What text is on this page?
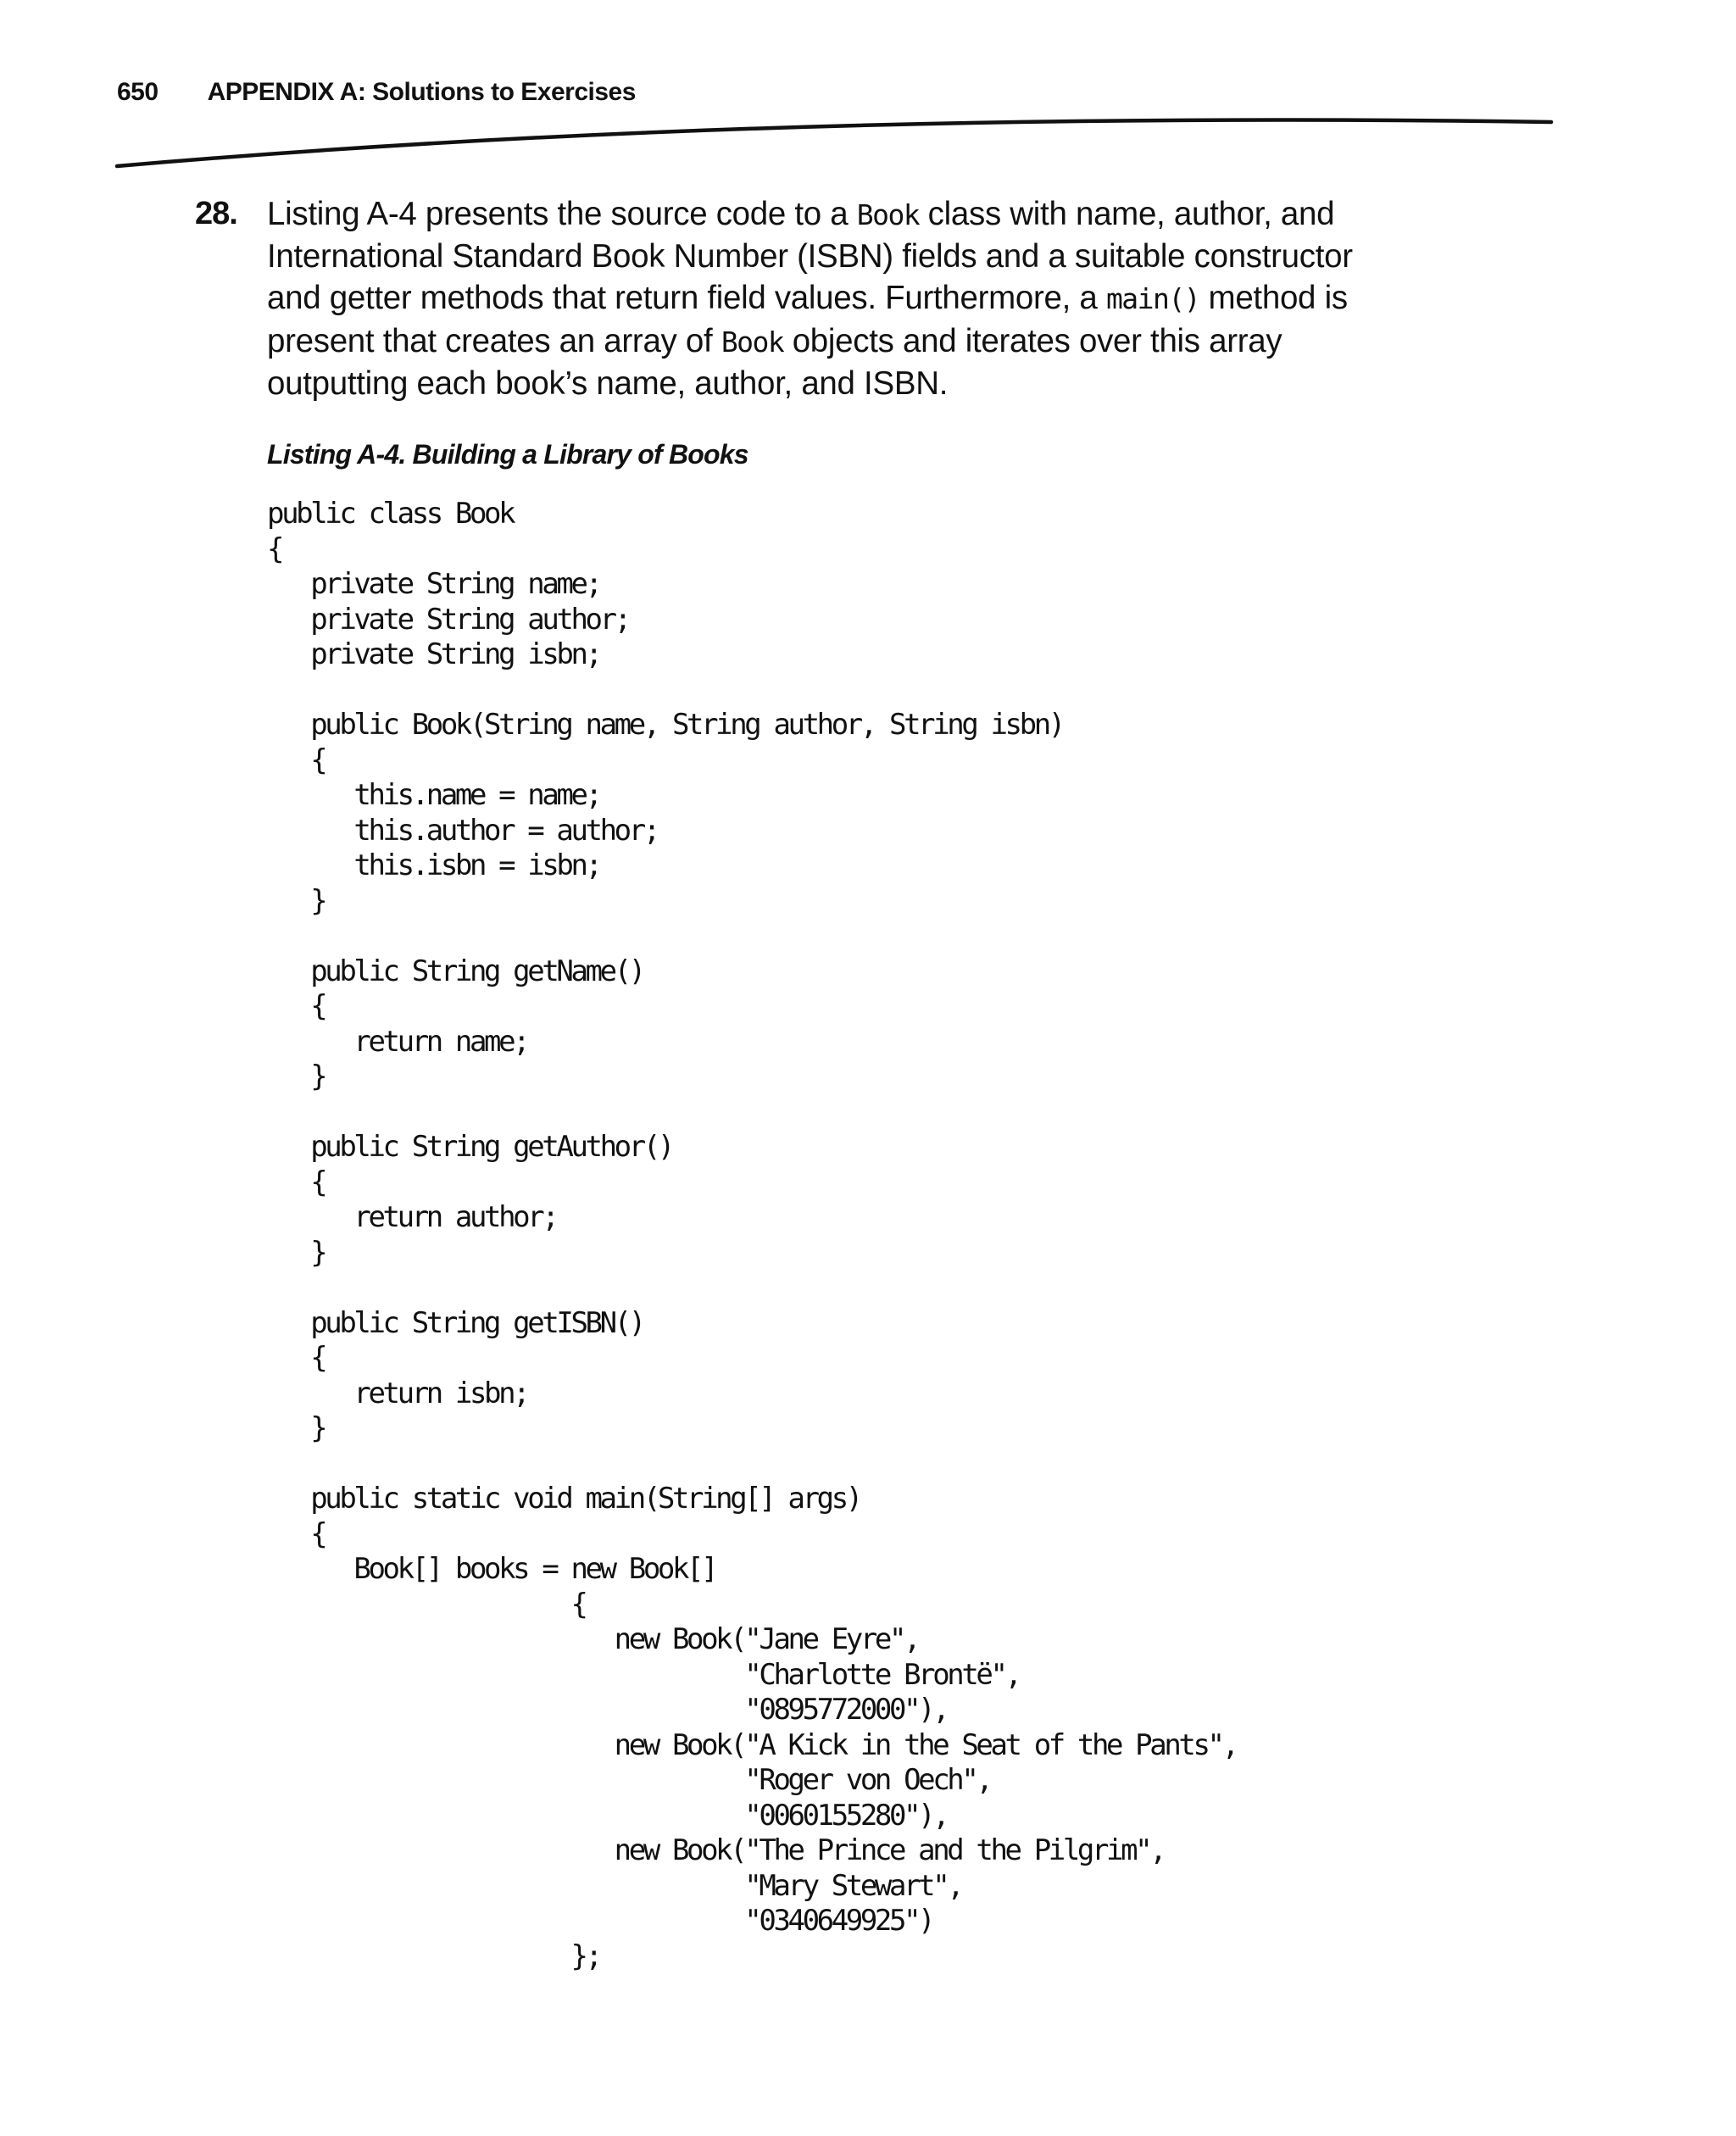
650 APPENDIX A: Solutions to Exercises
28. Listing A-4 presents the source code to a Book class with name, author, and International Standard Book Number (ISBN) fields and a suitable constructor and getter methods that return field values. Furthermore, a main() method is present that creates an array of Book objects and iterates over this array outputting each book’s name, author, and ISBN.
Listing A-4. Building a Library of Books
public class Book
{
private String name;
private String author;
private String isbn;

public Book(String name, String author, String isbn)
{
this.name = name;
this.author = author;
this.isbn = isbn;
}

public String getName()
{
return name;
}

public String getAuthor()
{
return author;
}

public String getISBN()
{
return isbn;
}

public static void main(String[] args)
{
Book[] books = new Book[]
{
new Book("Jane Eyre",
"Charlotte Brontë",
"0895772000"),
new Book("A Kick in the Seat of the Pants",
"Roger von Oech",
"0060155280"),
new Book("The Prince and the Pilgrim",
"Mary Stewart",
"0340649925")
};
